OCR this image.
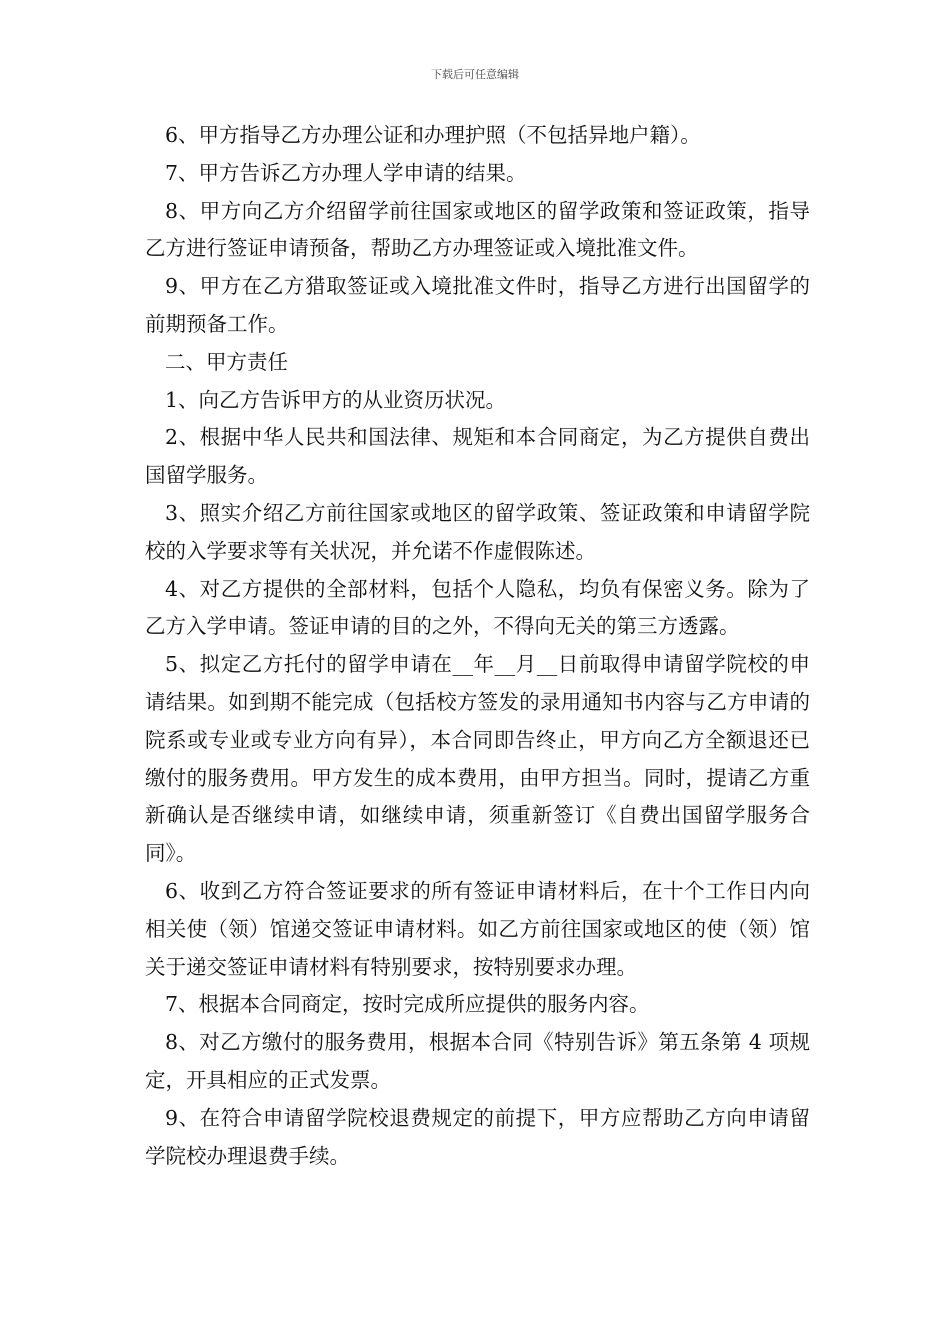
下载后可任意编辑

6、甲方指导乙方办理公证和办理护照（不包括异地户籍）。

7、甲方告诉乙方办理人学申请的结果。

8、甲方向乙方介绍留学前往国家或地区的留学政策和签证政策，指导乙方进行签证申请预备，帮助乙方办理签证或入境批准文件。

9、甲方在乙方猎取签证或入境批准文件时，指导乙方进行出国留学的前期预备工作。

二、甲方责任

1、向乙方告诉甲方的从业资历状况。

2、根据中华人民共和国法律、规矩和本合同商定，为乙方提供自费出国留学服务。

3、照实介绍乙方前往国家或地区的留学政策、签证政策和申请留学院校的入学要求等有关状况，并允诺不作虚假陈述。

4、对乙方提供的全部材料，包括个人隐私，均负有保密义务。除为了乙方入学申请。签证申请的目的之外，不得向无关的第三方透露。

5、拟定乙方托付的留学申请在__年__月__日前取得申请留学院校的申请结果。如到期不能完成（包括校方签发的录用通知书内容与乙方申请的院系或专业或专业方向有异），本合同即告终止，甲方向乙方全额退还已缴付的服务费用。甲方发生的成本费用，由甲方担当。同时，提请乙方重新确认是否继续申请，如继续申请，须重新签订《自费出国留学服务合同》。

6、收到乙方符合签证要求的所有签证申请材料后，在十个工作日内向相关使（领）馆递交签证申请材料。如乙方前往国家或地区的使（领）馆关于递交签证申请材料有特别要求，按特别要求办理。

7、根据本合同商定，按时完成所应提供的服务内容。

8、对乙方缴付的服务费用，根据本合同《特别告诉》第五条第 4 项规定，开具相应的正式发票。

9、在符合申请留学院校退费规定的前提下，甲方应帮助乙方向申请留学院校办理退费手续。
